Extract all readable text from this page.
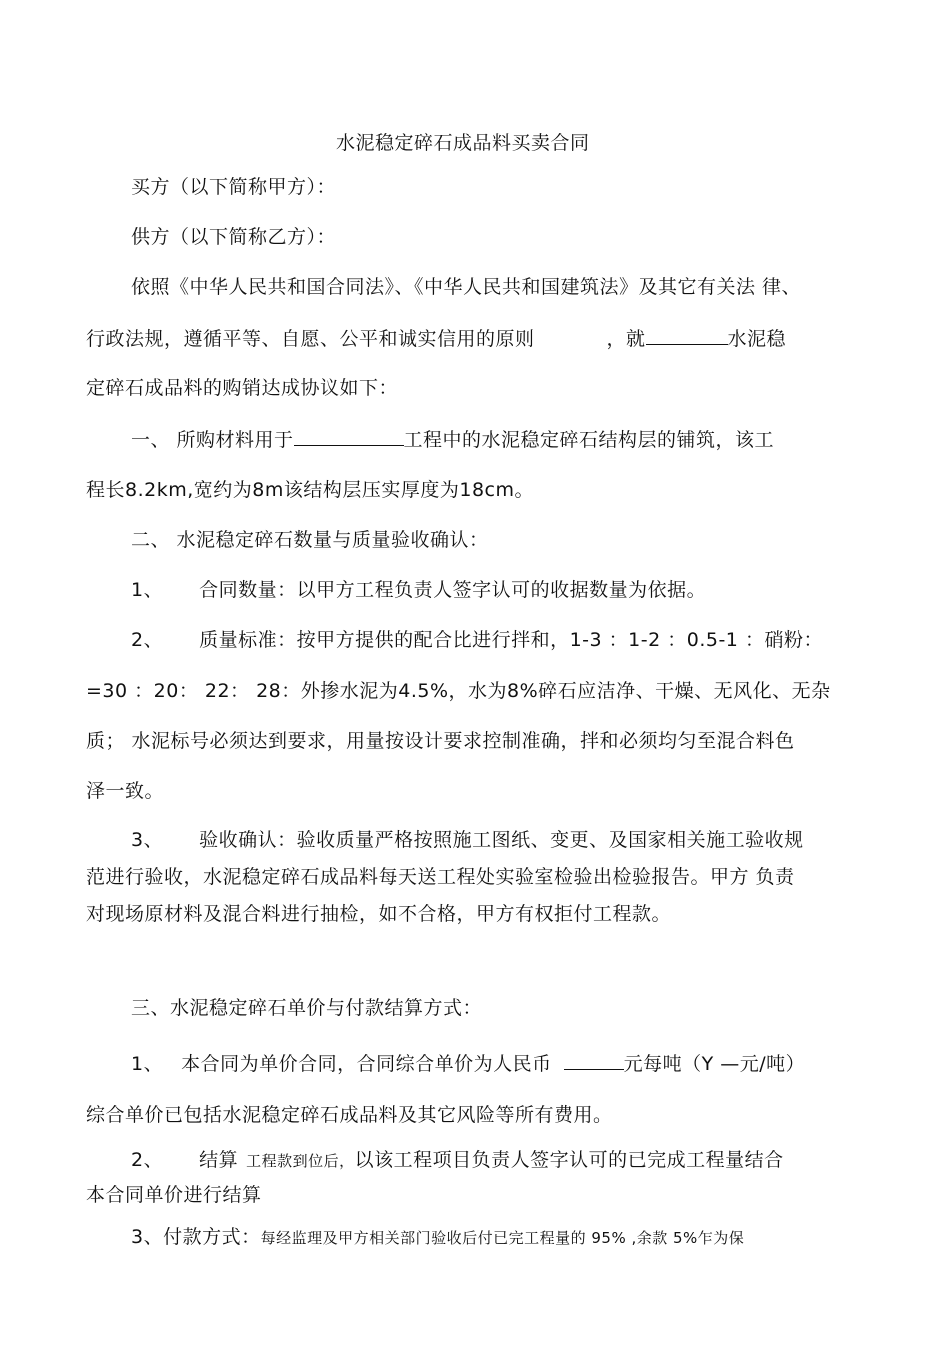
水泥稳定碎石成品料买卖合同
买方（以下简称甲方）：
供方（以下简称乙方）：
依照《中华人民共和国合同法》、《中华人民共和国建筑法》及其它有关法 律、
行政法规，遵循平等、自愿、公平和诚实信用的原则	，就	水泥稳
定碎石成品料的购销达成协议如下：
一、 所购材料用于	工程中的水泥稳定碎石结构层的铺筑，该工
程长8.2km,宽约为8m该结构层压实厚度为18cm。
二、 水泥稳定碎石数量与质量验收确认：
1、 合同数量：以甲方工程负责人签字认可的收据数量为依据。
2、 质量标准：按甲方提供的配合比进行拌和，1-3 ：1-2 ：0.5-1 ：硝粉：
=30 ：20： 22： 28：外掺水泥为4.5%，水为8%碎石应洁净、干燥、无风化、无杂
质； 水泥标号必须达到要求，用量按设计要求控制准确，拌和必须均匀至混合料色
泽一致。
3、 验收确认：验收质量严格按照施工图纸、变更、及国家相关施工验收规
范进行验收，水泥稳定碎石成品料每天送工程处实验室检验出检验报告。甲方 负责
对现场原材料及混合料进行抽检，如不合格，甲方有权拒付工程款。
三、水泥稳定碎石单价与付款结算方式：
1、 本合同为单价合同，合同综合单价为人民币	元每吨（Y —元/吨）
综合单价已包括水泥稳定碎石成品料及其它风险等所有费用。
2、 结算 工程款到位后，以该工程项目负责人签字认可的已完成工程量结合
本合同单价进行结算
3、付款方式：每经监理及甲方相关部门验收后付已完工程量的 95% ,余款 5%乍为保
